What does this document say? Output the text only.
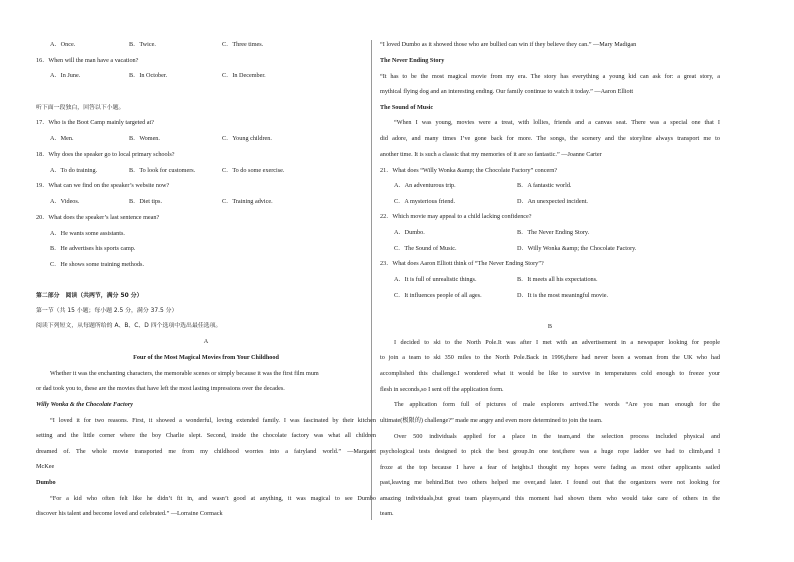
A．Once.	B．Twice.	C．Three times.
16．When will the man have a vacation?
A．In June.	B．In October.	C．In December.
听下面一段独白，回答以下小题。
17．Who is the Boot Camp mainly targeted at?
A．Men.	B．Women.	C．Young children.
18．Why does the speaker go to local primary schools?
A．To do training.	B．To look for customers.	C．To do some exercise.
19．What can we find on the speaker’s website now?
A．Videos.	B．Diet tips.	C．Training advice.
20．What does the speaker’s last sentence mean?
A．He wants some assistants.
B．He advertises his sports camp.
C．He shows some training methods.
第二部分　阅读（共两节，满分 50 分）
第一节（共 15 小题；每小题 2.5 分，满分 37.5 分）
阅读下列短文，从每题所给的 A、B、C、D 四个选项中选出最佳选项。
A
Four of the Most Magical Movies from Your Childhood
Whether it was the enchanting characters, the memorable scenes or simply because it was the first film mum
or dad took you to, these are the movies that have left the most lasting impressions over the decades.
Willy Wonka & the Chocolate Factory
“I loved it for two reasons. First, it showed a wonderful, loving extended family. I was fascinated by their kitchen
setting and the little corner where the boy Charlie slept. Second, inside the chocolate factory was what all children
dreamed of. The whole movie transported me from my childhood worries into a fairyland world.” —Margaret
McKee
Dumbo
“For a kid who often felt like he didn’t fit in, and wasn’t good at anything, it was magical to see Dumbo
discover his talent and become loved and celebrated.” —Lorraine Cormack
“I loved Dumbo as it showed those who are bullied can win if they believe they can.” —Mary Madigan
The Never Ending Story
“It has to be the most magical movie from my era. The story has everything a young kid can ask for: a great story, a
mythical flying dog and an interesting ending. Our family continue to watch it today.” —Aaron Elliott
The Sound of Music
“When I was young, movies were a treat, with lollies, friends and a canvas seat. There was a special one that I
did adore, and many times I’ve gone back for more. The songs, the scenery and the storyline always transport me to
another time. It is such a classic that my memories of it are so fantastic.” —Joanne Carter
21．What does “Willy Wonka &amp; the Chocolate Factory” concern?
A．An adventurous trip.	B．A fantastic world.
C．A mysterious friend.	D．An unexpected incident.
22．Which movie may appeal to a child lacking confidence?
A．Dumbo.	B．The Never Ending Story.
C．The Sound of Music.	D．Willy Wonka &amp; the Chocolate Factory.
23．What does Aaron Elliott think of “The Never Ending Story”?
A．It is full of unrealistic things.	B．It meets all his expectations.
C．It influences people of all ages.	D．It is the most meaningful movie.
B
I decided to ski to the North Pole.It was after I met with an advertisement in a newspaper looking for people
to join a team to ski 350 miles to the North Pole.Back in 1996,there had never been a woman from the UK who had
accomplished this challenge.I wondered what it would be like to survive in temperatures cold enough to freeze your
flesh in seconds,so I sent off the application form.
The application form full of pictures of male explorers arrived.The words “Are you man enough for the
ultimate(极限的) challenge?” made me angry and even more determined to join the team.
Over 500 individuals applied for a place in the team,and the selection process included physical and
psychological tests designed to pick the best group.In one test,there was a huge rope ladder we had to climb,and I
froze at the top because I have a fear of heights.I thought my hopes were fading as most other applicants sailed
past,leaving me behind.But two others helped me over,and later. I found out that the organizers were not looking for
amazing individuals,but great team players,and this moment had shown them who would take care of others in the
team.
